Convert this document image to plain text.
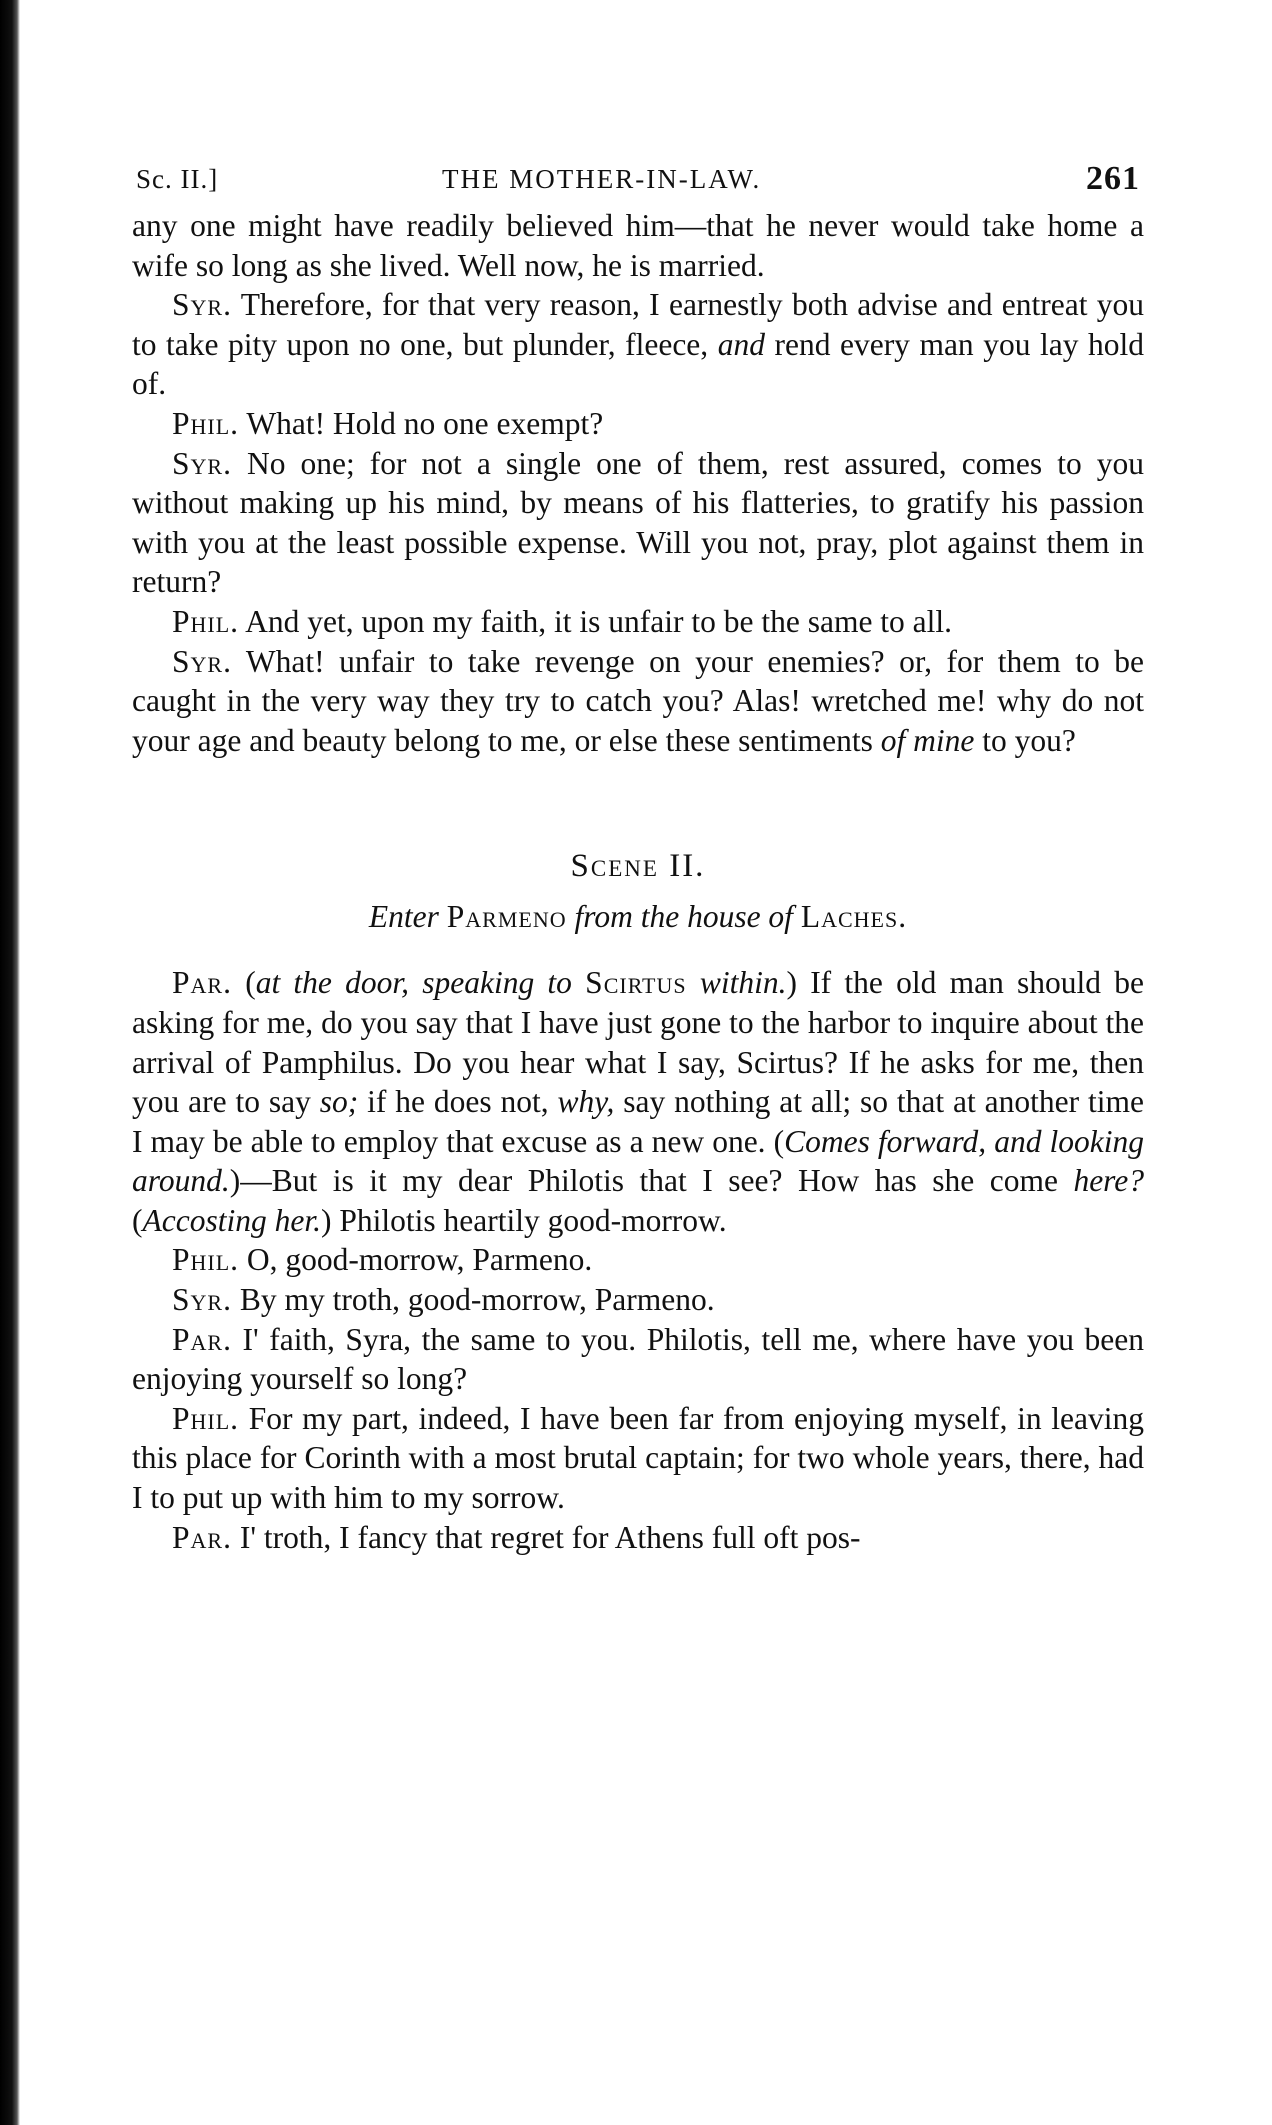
Sc. II.]	THE MOTHER-IN-LAW.	261

any one might have readily believed him—that he never would take home a wife so long as she lived. Well now, he is married.

Syr. Therefore, for that very reason, I earnestly both advise and entreat you to take pity upon no one, but plunder, fleece, and rend every man you lay hold of.

Phil. What! Hold no one exempt?

Syr. No one; for not a single one of them, rest assured, comes to you without making up his mind, by means of his flatteries, to gratify his passion with you at the least possible expense. Will you not, pray, plot against them in return?

Phil. And yet, upon my faith, it is unfair to be the same to all.

Syr. What! unfair to take revenge on your enemies? or, for them to be caught in the very way they try to catch you? Alas! wretched me! why do not your age and beauty belong to me, or else these sentiments of mine to you?

Scene II.
Enter Parmeno from the house of Laches.

Par. (at the door, speaking to Scirtus within.) If the old man should be asking for me, do you say that I have just gone to the harbor to inquire about the arrival of Pamphilus. Do you hear what I say, Scirtus? If he asks for me, then you are to say so; if he does not, why, say nothing at all; so that at another time I may be able to employ that excuse as a new one. (Comes forward, and looking around.)—But is it my dear Philotis that I see? How has she come here? (Accosting her.) Philotis heartily good-morrow.

Phil. O, good-morrow, Parmeno.

Syr. By my troth, good-morrow, Parmeno.

Par. I' faith, Syra, the same to you. Philotis, tell me, where have you been enjoying yourself so long?

Phil. For my part, indeed, I have been far from enjoying myself, in leaving this place for Corinth with a most brutal captain; for two whole years, there, had I to put up with him to my sorrow.

Par. I' troth, I fancy that regret for Athens full oft pos-
